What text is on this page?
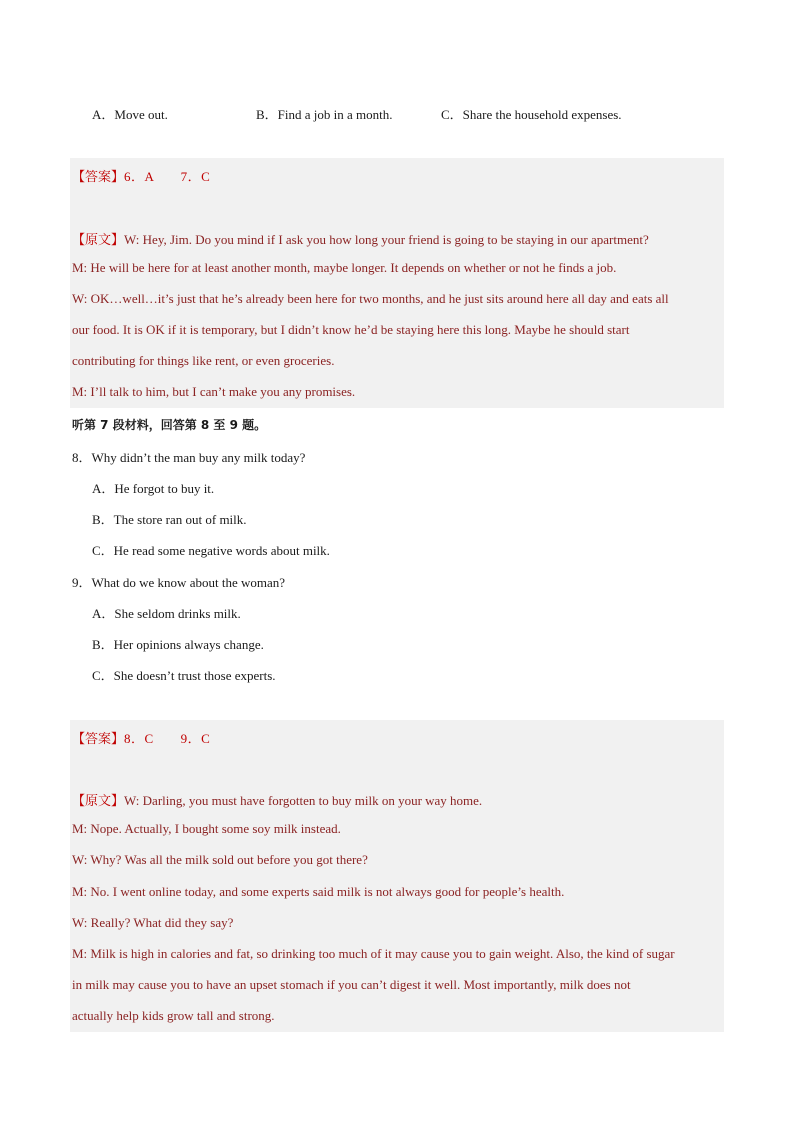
A．Move out.	B．Find a job in a month.	C．Share the household expenses.
【答案】6．A　　7．C
【原文】W: Hey, Jim. Do you mind if I ask you how long your friend is going to be staying in our apartment?
M: He will be here for at least another month, maybe longer. It depends on whether or not he finds a job.
W: OK…well…it’s just that he’s already been here for two months, and he just sits around here all day and eats all
our food. It is OK if it is temporary, but I didn’t know he’d be staying here this long. Maybe he should start
contributing for things like rent, or even groceries.
M: I’ll talk to him, but I can’t make you any promises.
听第 7 段材料，回答第 8 至 9 题。
8．Why didn’t the man buy any milk today?
A．He forgot to buy it.
B．The store ran out of milk.
C．He read some negative words about milk.
9．What do we know about the woman?
A．She seldom drinks milk.
B．Her opinions always change.
C．She doesn’t trust those experts.
【答案】8．C　　9．C
【原文】W: Darling, you must have forgotten to buy milk on your way home.
M: Nope. Actually, I bought some soy milk instead.
W: Why? Was all the milk sold out before you got there?
M: No. I went online today, and some experts said milk is not always good for people’s health.
W: Really? What did they say?
M: Milk is high in calories and fat, so drinking too much of it may cause you to gain weight. Also, the kind of sugar
in milk may cause you to have an upset stomach if you can’t digest it well. Most importantly, milk does not
actually help kids grow tall and strong.
